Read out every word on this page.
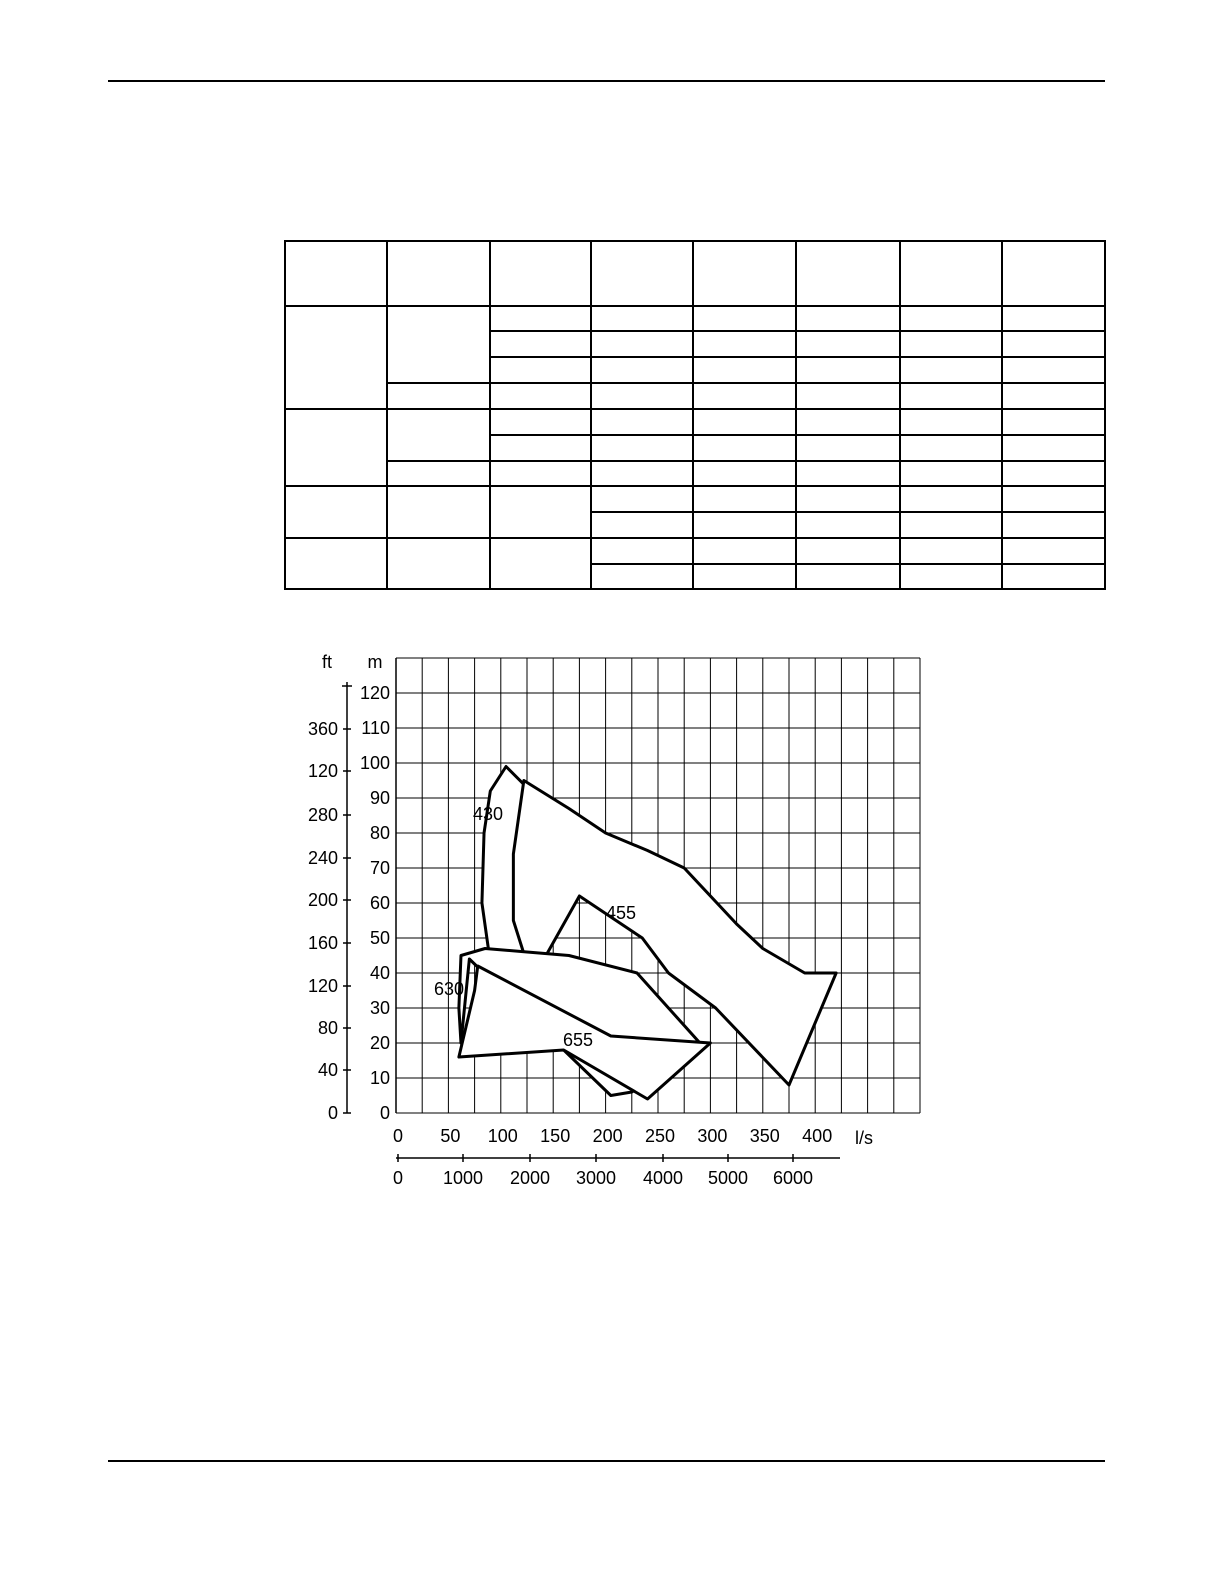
0
10
20
30
40
50
60
70
80
90
100
110
120
0
40
80
120
160
200
240
280
120
360
ft m
0 50 100 150 200 250 300 350 400 l/s
0 1000 2000 3000 4000 5000 6000
430
455
630
655
